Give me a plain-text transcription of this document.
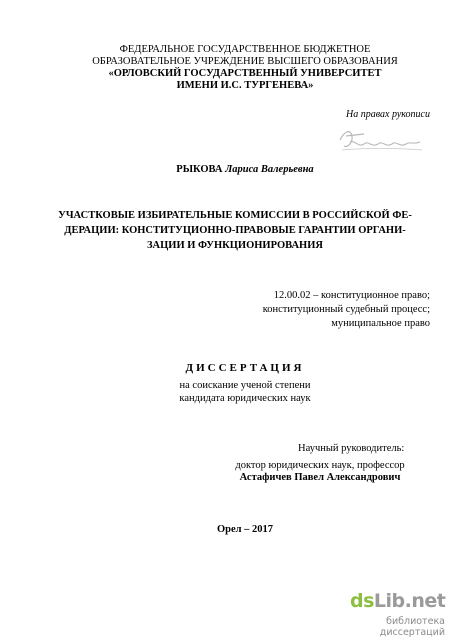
ФЕДЕРАЛЬНОЕ ГОСУДАРСТВЕННОЕ БЮДЖЕТНОЕ
ОБРАЗОВАТЕЛЬНОЕ УЧРЕЖДЕНИЕ ВЫСШЕГО ОБРАЗОВАНИЯ
«ОРЛОВСКИЙ ГОСУДАРСТВЕННЫЙ УНИВЕРСИТЕТ
ИМЕНИ И.С. ТУРГЕНЕВА»
На правах рукописи
РЫКОВА Лариса Валерьевна
УЧАСТКОВЫЕ ИЗБИРАТЕЛЬНЫЕ КОМИССИИ В РОССИЙСКОЙ ФЕ-
ДЕРАЦИИ: КОНСТИТУЦИОННО-ПРАВОВЫЕ ГАРАНТИИ ОРГАНИ-
ЗАЦИИ И ФУНКЦИОНИРОВАНИЯ
12.00.02 – конституционное право;
конституционный судебный процесс;
муниципальное право
ДИССЕРТАЦИЯ
на соискание ученой степени
кандидата юридических наук
Научный руководитель:
доктор юридических наук, профессор
Астафичев Павел Александрович
Орел – 2017
dsLib.net
библиотека диссертаций
